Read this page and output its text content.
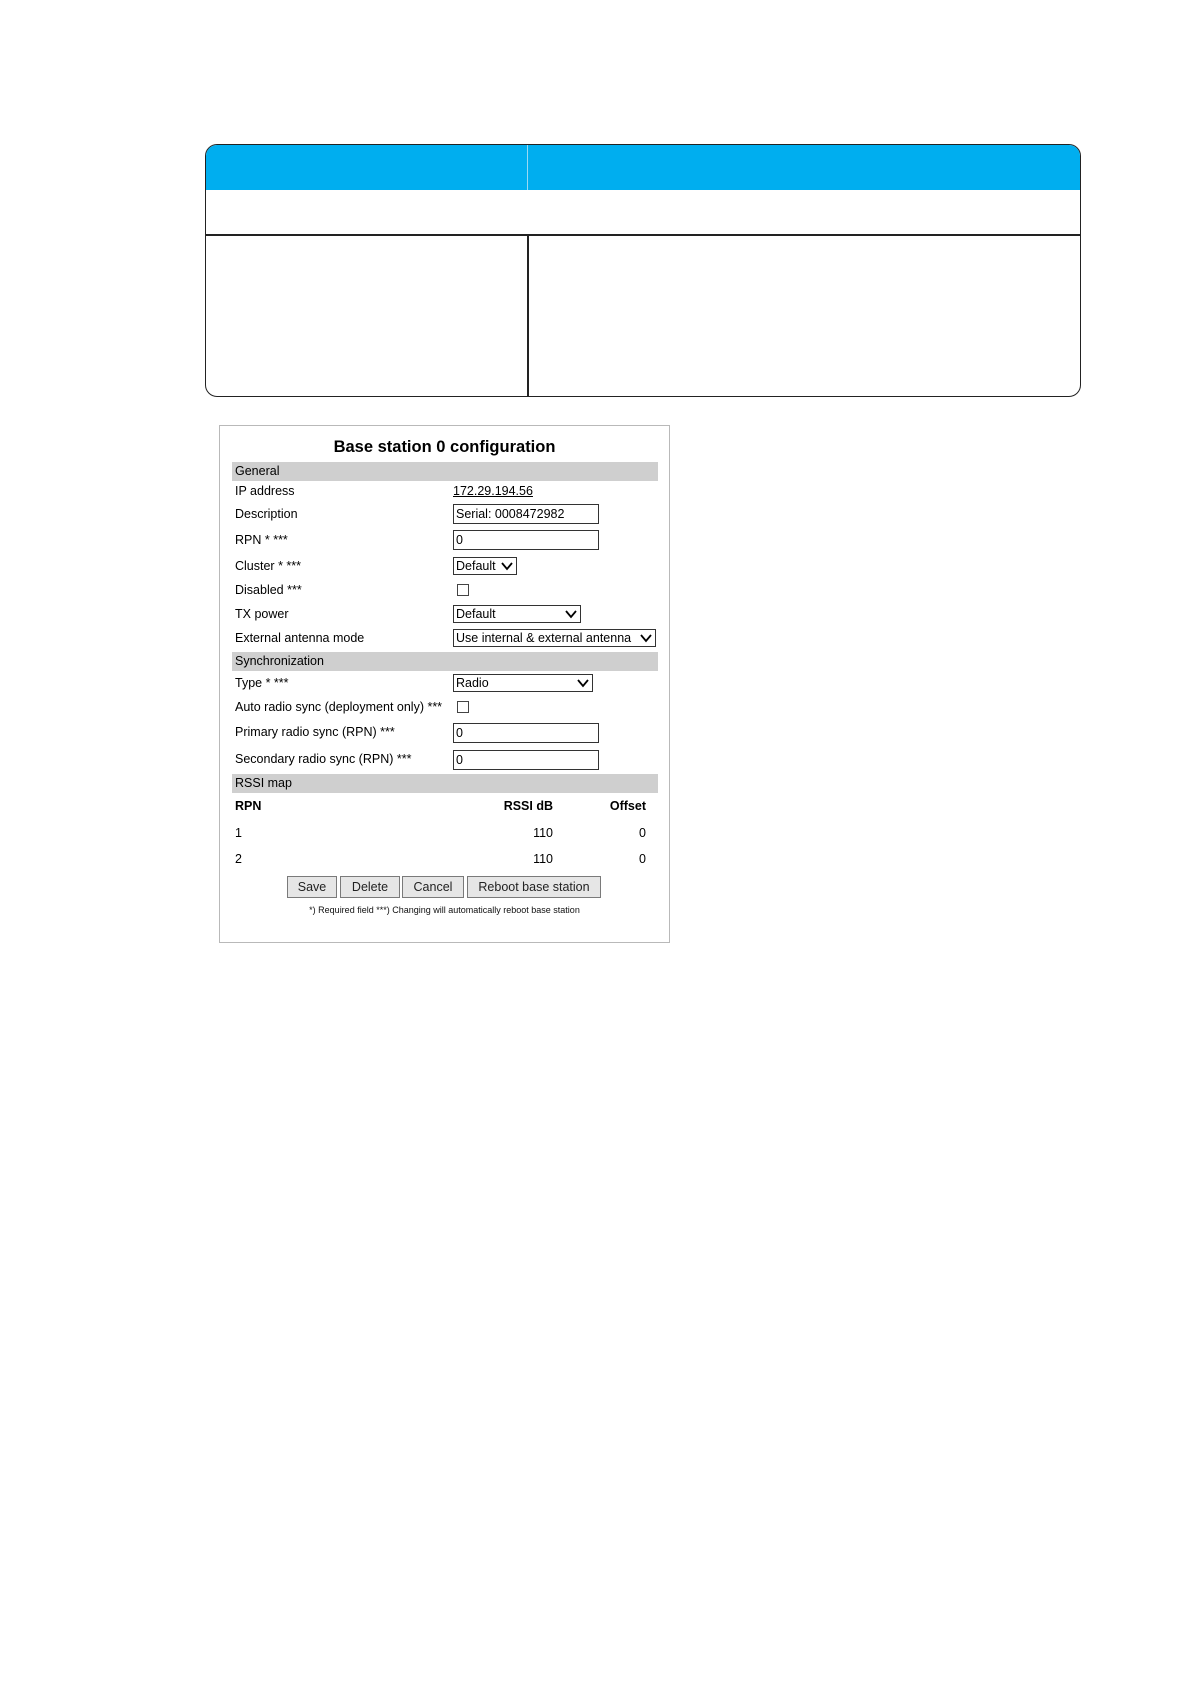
Base station 0 configuration
General
IP address	172.29.194.56
Description	Serial: 0008472982
RPN * ***	0
Cluster * ***	Default
Disabled ***
TX power	Default
External antenna mode	Use internal & external antenna
Synchronization
Type * ***	Radio
Auto radio sync (deployment only) ***
Primary radio sync (RPN) ***	0
Secondary radio sync (RPN) ***	0
RSSI map
RPN	RSSI dB	Offset
1	110	0
2	110	0
Save	Delete	Cancel	Reboot base station
*) Required field ***) Changing will automatically reboot base station
